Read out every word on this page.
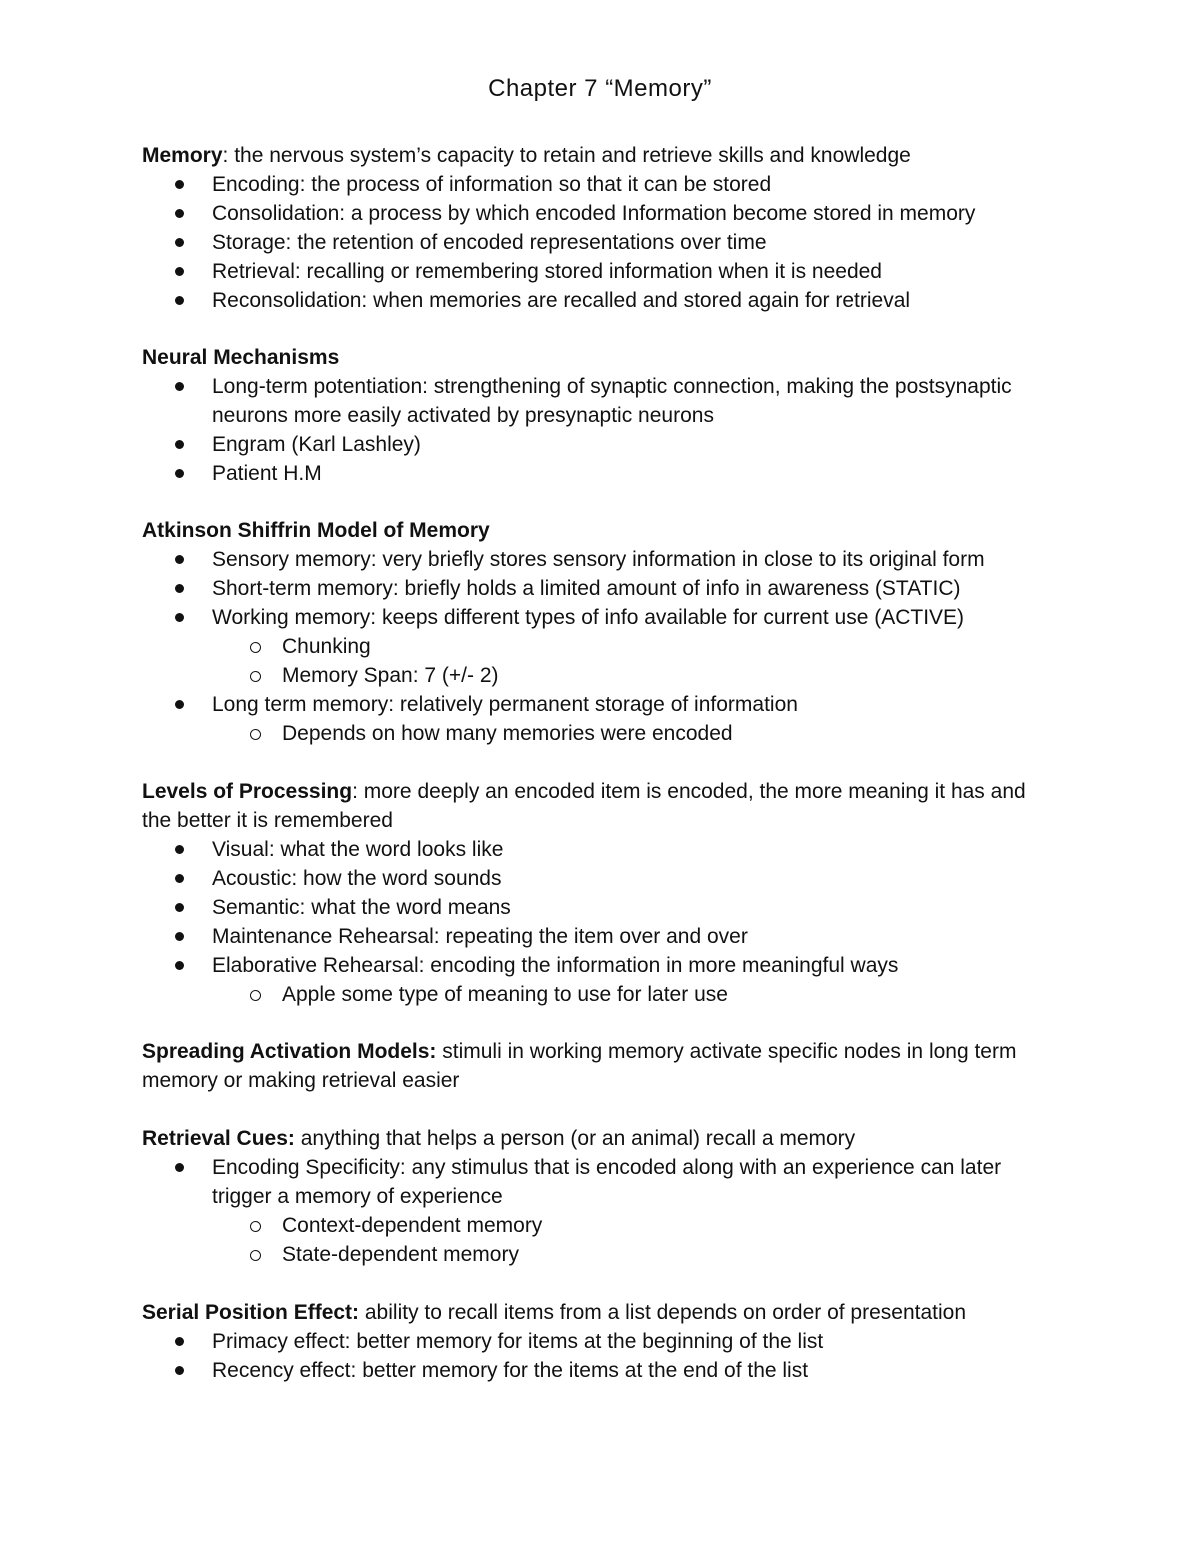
Chapter 7 “Memory”

Memory: the nervous system’s capacity to retain and retrieve skills and knowledge

Encoding: the process of information so that it can be stored
Consolidation: a process by which encoded Information become stored in memory
Storage: the retention of encoded representations over time
Retrieval: recalling or remembering stored information when it is needed
Reconsolidation: when memories are recalled and stored again for retrieval

Neural Mechanisms

Long-term potentiation: strengthening of synaptic connection, making the postsynaptic neurons more easily activated by presynaptic neurons
Engram (Karl Lashley)
Patient H.M

Atkinson Shiffrin Model of Memory

Sensory memory: very briefly stores sensory information in close to its original form
Short-term memory: briefly holds a limited amount of info in awareness (STATIC)
Working memory: keeps different types of info available for current use (ACTIVE)
Chunking
Memory Span: 7 (+/- 2)
Long term memory: relatively permanent storage of information
Depends on how many memories were encoded

Levels of Processing: more deeply an encoded item is encoded, the more meaning it has and the better it is remembered

Visual: what the word looks like
Acoustic: how the word sounds
Semantic: what the word means
Maintenance Rehearsal: repeating the item over and over
Elaborative Rehearsal: encoding the information in more meaningful ways
Apple some type of meaning to use for later use

Spreading Activation Models: stimuli in working memory activate specific nodes in long term memory or making retrieval easier

Retrieval Cues: anything that helps a person (or an animal) recall a memory

Encoding Specificity: any stimulus that is encoded along with an experience can later trigger a memory of experience
Context-dependent memory
State-dependent memory

Serial Position Effect: ability to recall items from a list depends on order of presentation

Primacy effect: better memory for items at the beginning of the list
Recency effect: better memory for the items at the end of the list
